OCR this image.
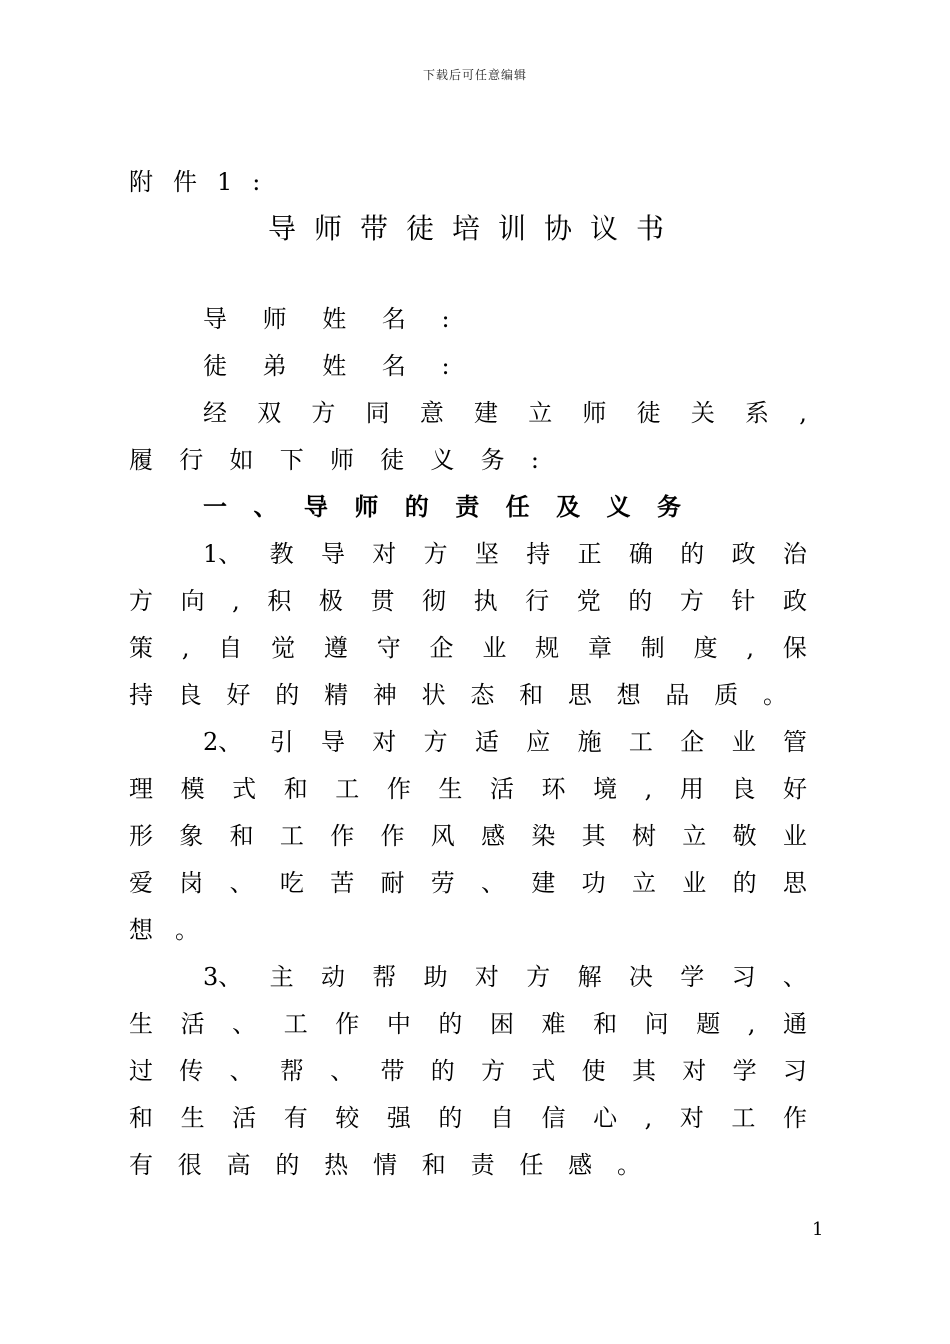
下载后可任意编辑
附件1:
导师带徒培训协议书
导 师 姓 名 :
徒 弟 姓 名 :
经 双 方 同 意 建 立 师 徒 关 系 ,
履 行 如 下 师 徒 义 务 :
一 、 导 师 的 责 任 及 义 务
1、 教 导 对 方 坚 持 正 确 的 政 治
方 向 , 积 极 贯 彻 执 行 党 的 方 针 政
策 , 自 觉 遵 守 企 业 规 章 制 度 , 保
持 良 好 的 精 神 状 态 和 思 想 品 质 。
2、 引 导 对 方 适 应 施 工 企 业 管
理 模 式 和 工 作 生 活 环 境 , 用 良 好
形 象 和 工 作 作 风 感 染 其 树 立 敬 业
爱 岗 、 吃 苦 耐 劳 、 建 功 立 业 的 思
想 。
3、 主 动 帮 助 对 方 解 决 学 习 、
生 活 、 工 作 中 的 困 难 和 问 题 , 通
过 传 、 帮 、 带 的 方 式 使 其 对 学 习
和 生 活 有 较 强 的 自 信 心 , 对 工 作
有 很 高 的 热 情 和 责 任 感 。
1
